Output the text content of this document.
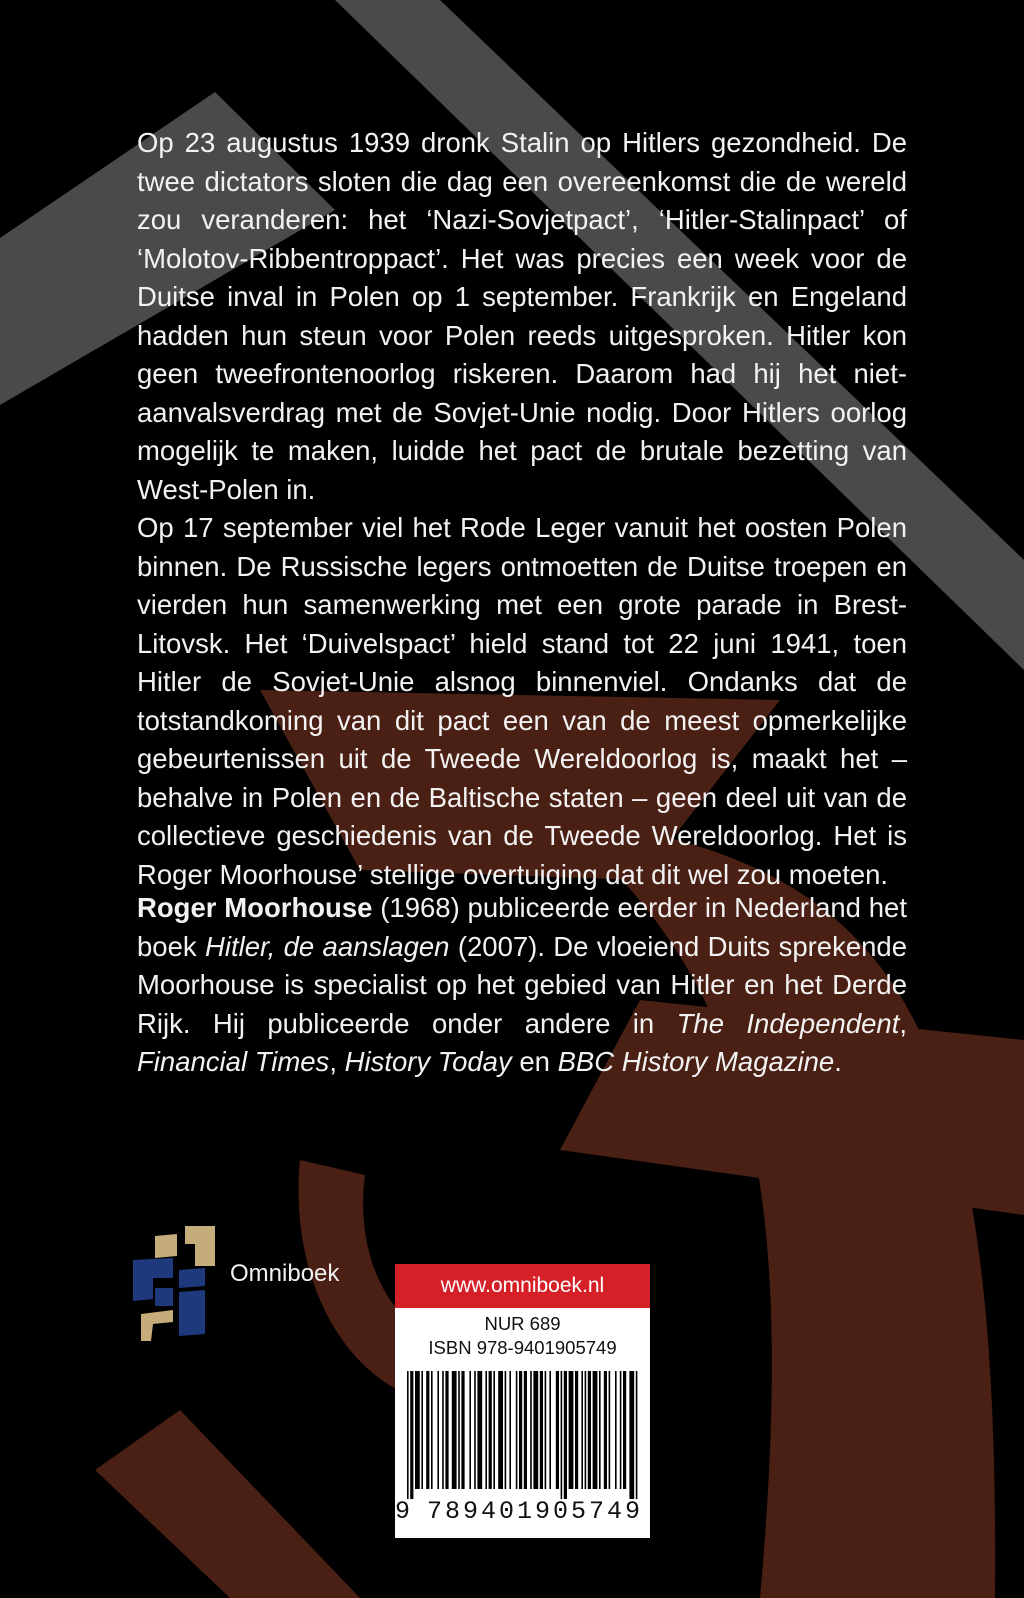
Op 23 augustus 1939 dronk Stalin op Hitlers gezondheid. De twee dictators sloten die dag een overeenkomst die de wereld zou veranderen: het ‘Nazi-Sovjetpact’, ‘Hitler-Stalinpact’ of ‘Molotov-Ribbentroppact’. Het was precies een week voor de Duitse inval in Polen op 1 september. Frankrijk en Engeland hadden hun steun voor Polen reeds uitgesproken. Hitler kon geen tweefrontenoorlog riskeren. Daarom had hij het niet-aanvalsverdrag met de Sovjet-Unie nodig. Door Hitlers oorlog mogelijk te maken, luidde het pact de brutale bezetting van West-Polen in.

Op 17 september viel het Rode Leger vanuit het oosten Polen binnen. De Russische legers ontmoetten de Duitse troepen en vierden hun samenwerking met een grote parade in Brest-Litovsk. Het ‘Duivelspact’ hield stand tot 22 juni 1941, toen Hitler de Sovjet-Unie alsnog binnenviel. Ondanks dat de totstandkoming van dit pact een van de meest opmerkelijke gebeurtenissen uit de Tweede Wereldoorlog is, maakt het – behalve in Polen en de Baltische staten – geen deel uit van de collectieve geschiedenis van de Tweede Wereldoorlog. Het is Roger Moorhouse’ stellige overtuiging dat dit wel zou moeten.

Roger Moorhouse (1968) publiceerde eerder in Nederland het boek Hitler, de aanslagen (2007). De vloeiend Duits sprekende Moorhouse is specialist op het gebied van Hitler en het Derde Rijk. Hij publiceerde onder andere in The Independent, Financial Times, History Today en BBC History Magazine.

Omniboek	www.omniboek.nl
NUR 689
ISBN 978-9401905749
9 789401 905749
